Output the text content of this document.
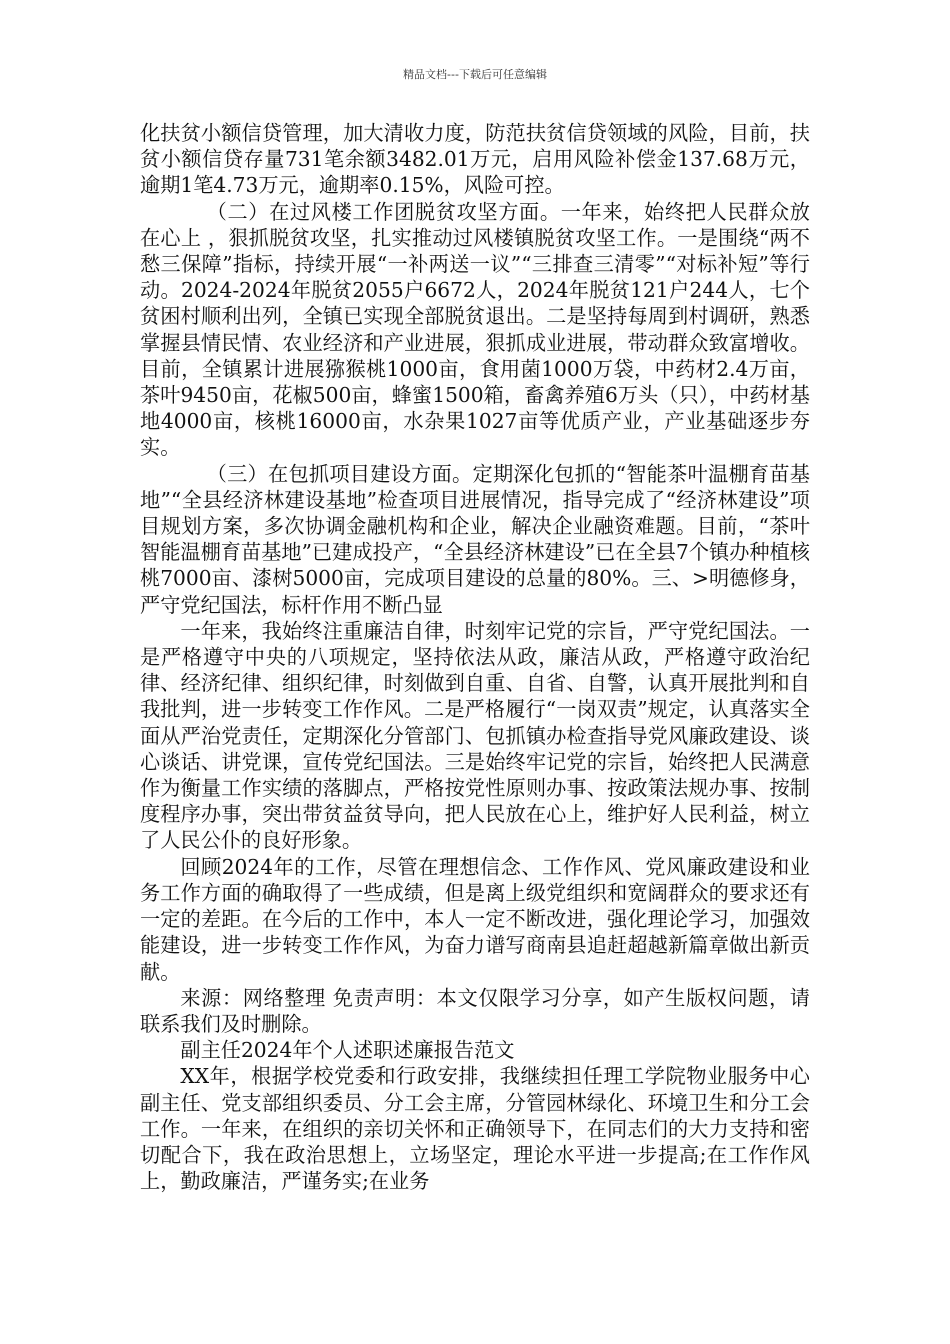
精品文档---下载后可任意编辑

化扶贫小额信贷管理，加大清收力度，防范扶贫信贷领域的风险，目前，扶贫小额信贷存量731笔余额3482.01万元，启用风险补偿金137.68万元，逾期1笔4.73万元，逾期率0.15%，风险可控。

（二）在过风楼工作团脱贫攻坚方面。一年来，始终把人民群众放在心上 ，狠抓脱贫攻坚，扎实推动过风楼镇脱贫攻坚工作。一是围绕“两不愁三保障”指标，持续开展“一补两送一议”“三排查三清零”“对标补短”等行动。2024-2024年脱贫2055户6672人，2024年脱贫121户244人，七个贫困村顺利出列，全镇已实现全部脱贫退出。二是坚持每周到村调研，熟悉掌握县情民情、农业经济和产业进展，狠抓成业进展，带动群众致富增收。目前，全镇累计进展猕猴桃1000亩，食用菌1000万袋，中药材2.4万亩，茶叶9450亩，花椒500亩，蜂蜜1500箱，畜禽养殖6万头（只），中药材基地4000亩，核桃16000亩，水杂果1027亩等优质产业，产业基础逐步夯实。

（三）在包抓项目建设方面。定期深化包抓的“智能茶叶温棚育苗基地”“全县经济林建设基地”检查项目进展情况，指导完成了“经济林建设”项目规划方案，多次协调金融机构和企业，解决企业融资难题。目前，“茶叶智能温棚育苗基地”已建成投产，“全县经济林建设”已在全县7个镇办种植核桃7000亩、漆树5000亩，完成项目建设的总量的80%。三、>明德修身，严守党纪国法，标杆作用不断凸显

一年来，我始终注重廉洁自律，时刻牢记党的宗旨，严守党纪国法。一是严格遵守中央的八项规定，坚持依法从政，廉洁从政，严格遵守政治纪律、经济纪律、组织纪律，时刻做到自重、自省、自警，认真开展批判和自我批判，进一步转变工作作风。二是严格履行“一岗双责”规定，认真落实全面从严治党责任，定期深化分管部门、包抓镇办检查指导党风廉政建设、谈心谈话、讲党课，宣传党纪国法。三是始终牢记党的宗旨，始终把人民满意作为衡量工作实绩的落脚点，严格按党性原则办事、按政策法规办事、按制度程序办事，突出带贫益贫导向，把人民放在心上，维护好人民利益，树立了人民公仆的良好形象。

回顾2024年的工作，尽管在理想信念、工作作风、党风廉政建设和业务工作方面的确取得了一些成绩，但是离上级党组织和宽阔群众的要求还有一定的差距。在今后的工作中，本人一定不断改进，强化理论学习，加强效能建设，进一步转变工作作风，为奋力谱写商南县追赶超越新篇章做出新贡献。

来源：网络整理 免责声明：本文仅限学习分享，如产生版权问题，请联系我们及时删除。

副主任2024年个人述职述廉报告范文

XX年，根据学校党委和行政安排，我继续担任理工学院物业服务中心副主任、党支部组织委员、分工会主席，分管园林绿化、环境卫生和分工会工作。一年来，在组织的亲切关怀和正确领导下，在同志们的大力支持和密切配合下，我在政治思想上，立场坚定，理论水平进一步提高;在工作作风上，勤政廉洁，严谨务实;在业务
